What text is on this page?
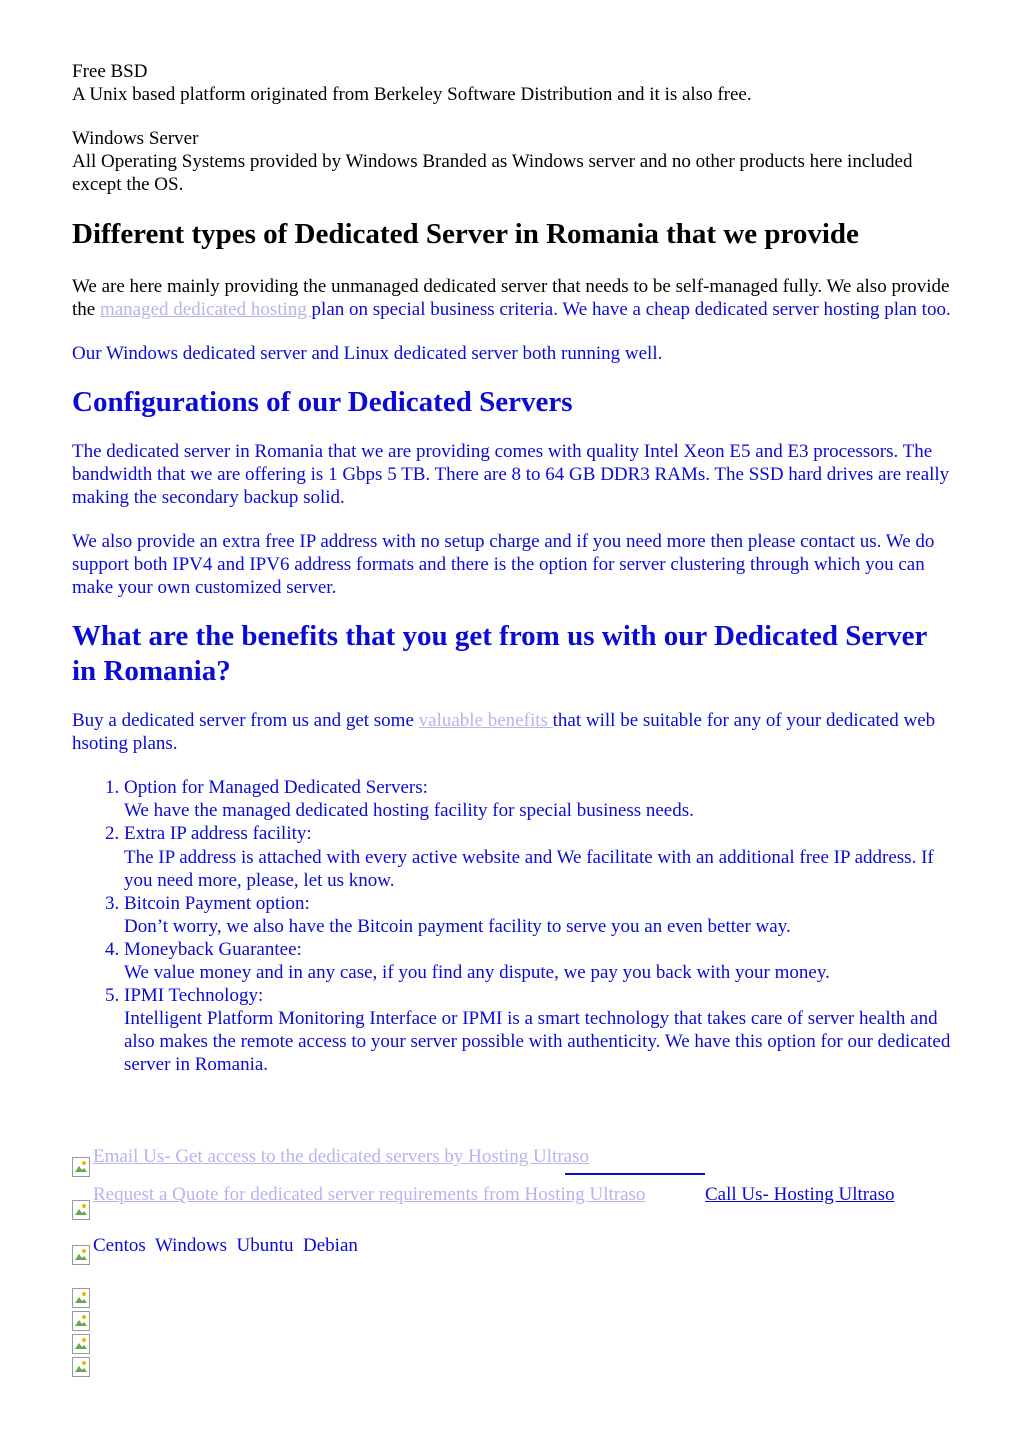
Free BSD

A Unix based platform originated from Berkeley Software Distribution and it is also free.

Windows Server

All Operating Systems provided by Windows Branded as Windows server and no other products here included except the OS.

Different types of Dedicated Server in Romania that we provide

We are here mainly providing the unmanaged dedicated server that needs to be self-managed fully. We also provide the managed dedicated hosting plan on special business criteria. We have a cheap dedicated server hosting plan too.

Our Windows dedicated server and Linux dedicated server both running well.

Configurations of our Dedicated Servers

The dedicated server in Romania that we are providing comes with quality Intel Xeon E5 and E3 processors. The bandwidth that we are offering is 1 Gbps 5 TB. There are 8 to 64 GB DDR3 RAMs. The SSD hard drives are really making the secondary backup solid.

We also provide an extra free IP address with no setup charge and if you need more then please contact us. We do support both IPV4 and IPV6 address formats and there is the option for server clustering through which you can make your own customized server.

What are the benefits that you get from us with our Dedicated Server in Romania?

Buy a dedicated server from us and get some valuable benefits that will be suitable for any of your dedicated web hsoting plans.

1. Option for Managed Dedicated Servers:
We have the managed dedicated hosting facility for special business needs.
2. Extra IP address facility:
The IP address is attached with every active website and We facilitate with an additional free IP address. If you need more, please, let us know.
3. Bitcoin Payment option:
Don’t worry, we also have the Bitcoin payment facility to serve you an even better way.
4. Moneyback Guarantee:
We value money and in any case, if you find any dispute, we pay you back with your money.
5. IPMI Technology:
Intelligent Platform Monitoring Interface or IPMI is a smart technology that takes care of server health and also makes the remote access to your server possible with authenticity. We have this option for our dedicated server in Romania.
Email Us- Get access to the dedicated servers by Hosting Ultraso
Request a Quote for dedicated server requirements from Hosting Ultraso	Call Us- Hosting Ultraso
Centos Windows Ubuntu Debian
